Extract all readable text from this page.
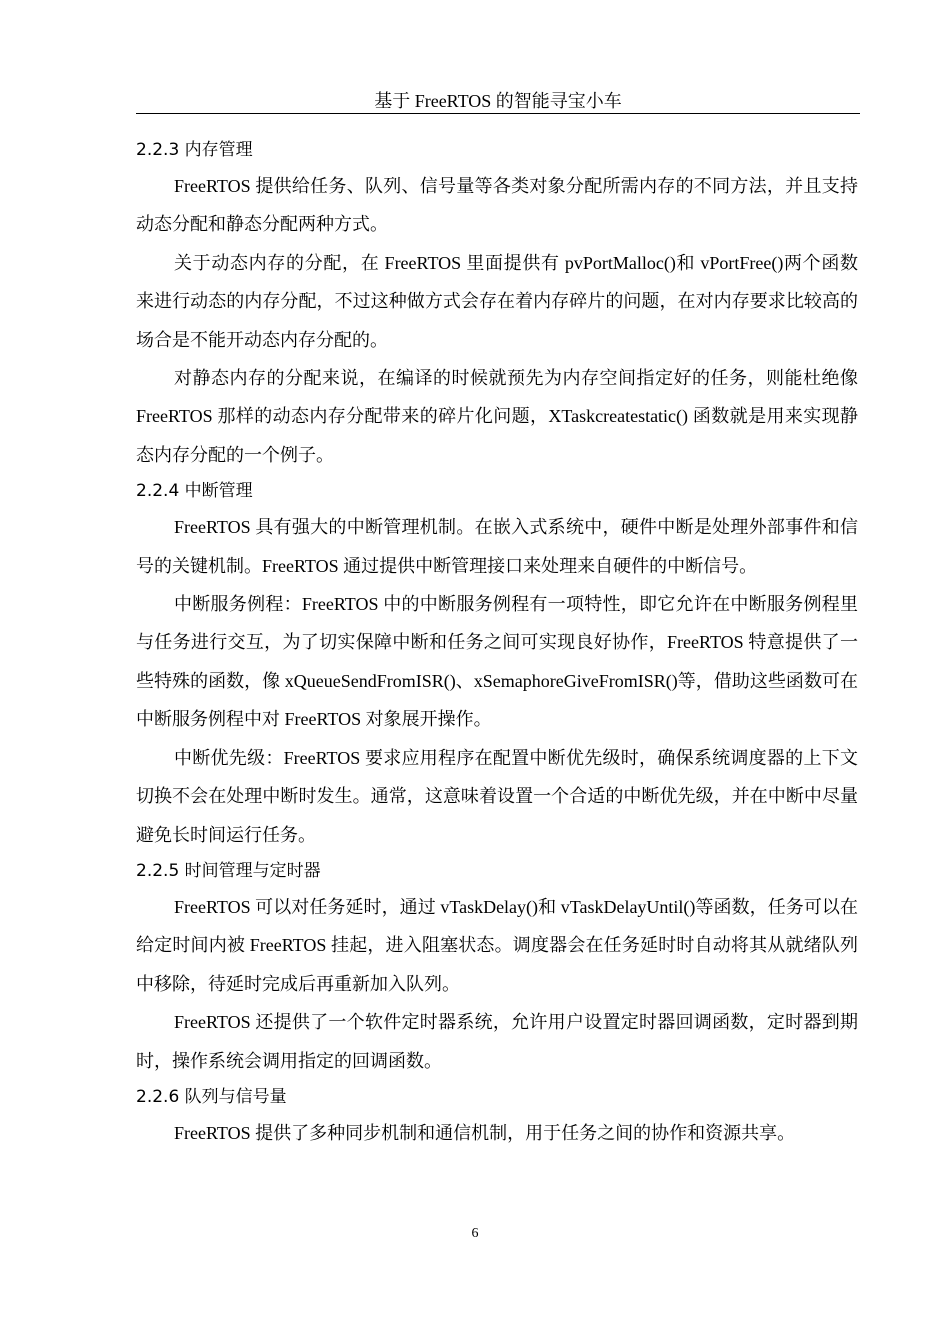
基于 FreeRTOS 的智能寻宝小车
2.2.3 内存管理

FreeRTOS 提供给任务、队列、信号量等各类对象分配所需内存的不同方法，并且支持动态分配和静态分配两种方式。

关于动态内存的分配，在 FreeRTOS 里面提供有 pvPortMalloc()和 vPortFree()两个函数来进行动态的内存分配，不过这种做方式会存在着内存碎片的问题，在对内存要求比较高的场合是不能开动态内存分配的。

对静态内存的分配来说，在编译的时候就预先为内存空间指定好的任务，则能杜绝像 FreeRTOS 那样的动态内存分配带来的碎片化问题，XTaskcreatestatic() 函数就是用来实现静态内存分配的一个例子。

2.2.4 中断管理

FreeRTOS 具有强大的中断管理机制。在嵌入式系统中，硬件中断是处理外部事件和信号的关键机制。FreeRTOS 通过提供中断管理接口来处理来自硬件的中断信号。

中断服务例程：FreeRTOS 中的中断服务例程有一项特性，即它允许在中断服务例程里与任务进行交互，为了切实保障中断和任务之间可实现良好协作，FreeRTOS 特意提供了一些特殊的函数，像 xQueueSendFromISR()、xSemaphoreGiveFromISR()等，借助这些函数可在中断服务例程中对 FreeRTOS 对象展开操作。

中断优先级：FreeRTOS 要求应用程序在配置中断优先级时，确保系统调度器的上下文切换不会在处理中断时发生。通常，这意味着设置一个合适的中断优先级，并在中断中尽量避免长时间运行任务。

2.2.5 时间管理与定时器

FreeRTOS 可以对任务延时，通过 vTaskDelay()和 vTaskDelayUntil()等函数，任务可以在给定时间内被 FreeRTOS 挂起，进入阻塞状态。调度器会在任务延时时自动将其从就绪队列中移除，待延时完成后再重新加入队列。

FreeRTOS 还提供了一个软件定时器系统，允许用户设置定时器回调函数，定时器到期时，操作系统会调用指定的回调函数。

2.2.6 队列与信号量

FreeRTOS 提供了多种同步机制和通信机制，用于任务之间的协作和资源共享。

6
